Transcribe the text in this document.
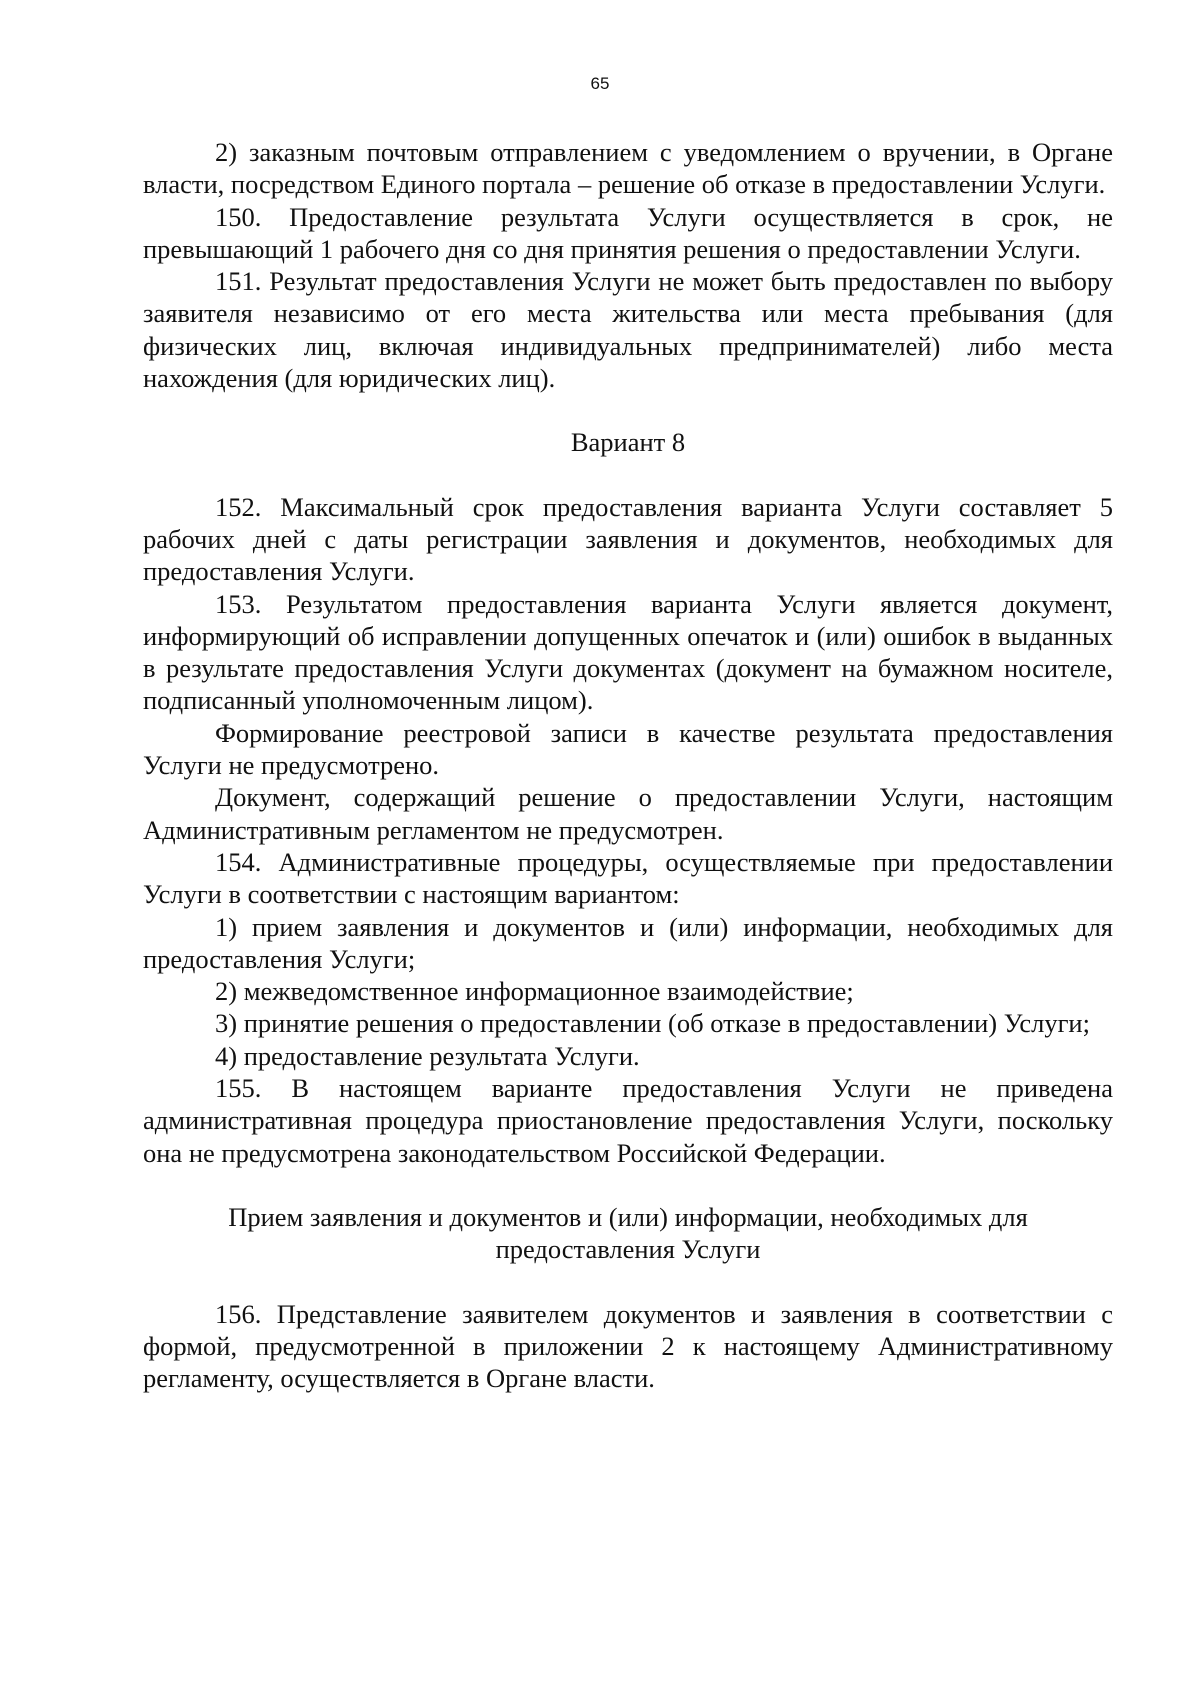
65

2) заказным почтовым отправлением с уведомлением о вручении, в Органе власти, посредством Единого портала – решение об отказе в предоставлении Услуги.

150. Предоставление результата Услуги осуществляется в срок, не превышающий 1 рабочего дня со дня принятия решения о предоставлении Услуги.

151. Результат предоставления Услуги не может быть предоставлен по выбору заявителя независимо от его места жительства или места пребывания (для физических лиц, включая индивидуальных предпринимателей) либо места нахождения (для юридических лиц).

Вариант 8

152. Максимальный срок предоставления варианта Услуги составляет 5 рабочих дней с даты регистрации заявления и документов, необходимых для предоставления Услуги.

153. Результатом предоставления варианта Услуги является документ, информирующий об исправлении допущенных опечаток и (или) ошибок в выданных в результате предоставления Услуги документах (документ на бумажном носителе, подписанный уполномоченным лицом).

Формирование реестровой записи в качестве результата предоставления Услуги не предусмотрено.

Документ, содержащий решение о предоставлении Услуги, настоящим Административным регламентом не предусмотрен.

154. Административные процедуры, осуществляемые при предоставлении Услуги в соответствии с настоящим вариантом:

1) прием заявления и документов и (или) информации, необходимых для предоставления Услуги;

2) межведомственное информационное взаимодействие;

3) принятие решения о предоставлении (об отказе в предоставлении) Услуги;

4) предоставление результата Услуги.

155. В настоящем варианте предоставления Услуги не приведена административная процедура приостановление предоставления Услуги, поскольку она не предусмотрена законодательством Российской Федерации.

Прием заявления и документов и (или) информации, необходимых для предоставления Услуги

156. Представление заявителем документов и заявления в соответствии с формой, предусмотренной в приложении 2 к настоящему Административному регламенту, осуществляется в Органе власти.
